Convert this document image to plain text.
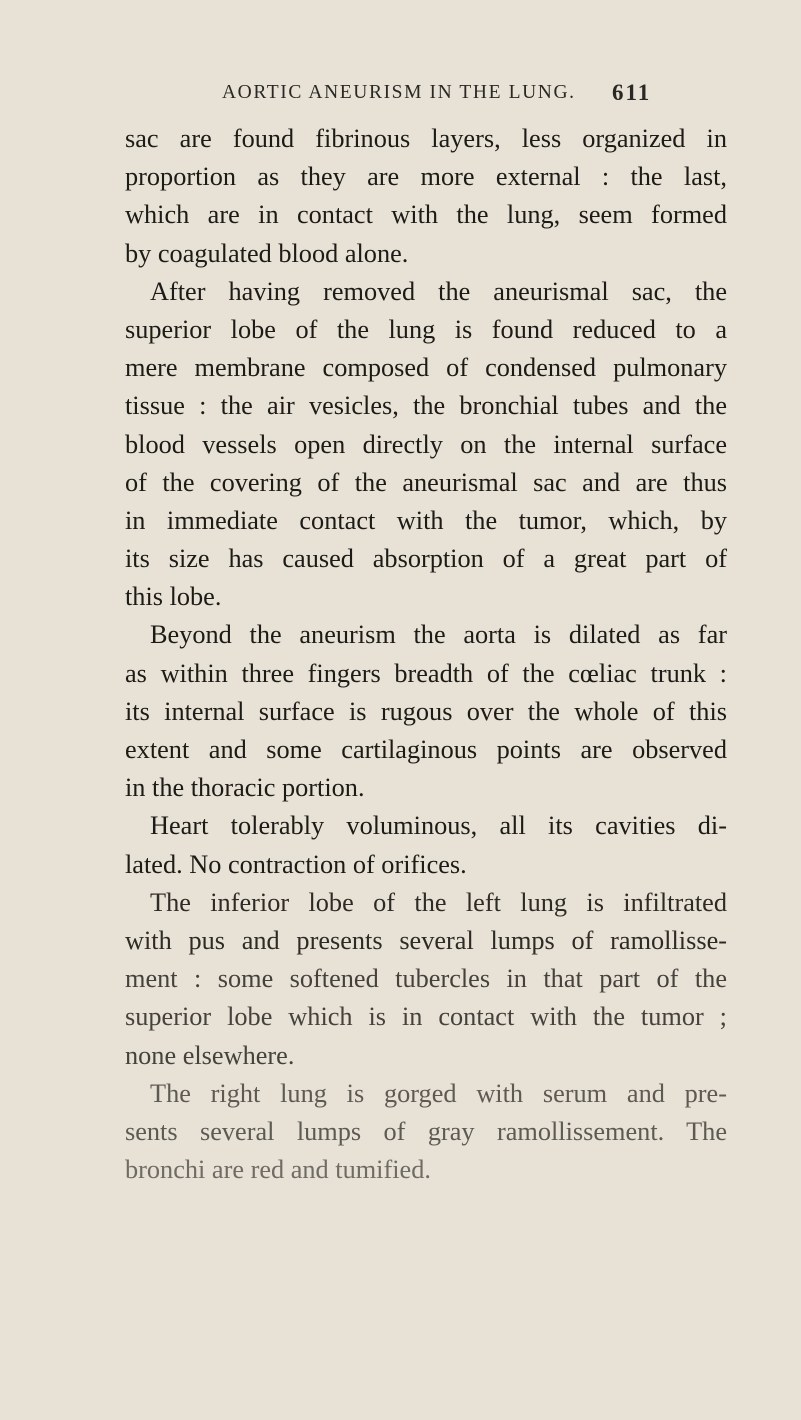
AORTIC ANEURISM IN THE LUNG. 611
sac are found fibrinous layers, less organized in
proportion as they are more external : the last,
which are in contact with the lung, seem formed
by coagulated blood alone.
After having removed the aneurismal sac, the
superior lobe of the lung is found reduced to a
mere membrane composed of condensed pulmonary
tissue : the air vesicles, the bronchial tubes and the
blood vessels open directly on the internal surface
of the covering of the aneurismal sac and are thus
in immediate contact with the tumor, which, by
its size has caused absorption of a great part of
this lobe.
Beyond the aneurism the aorta is dilated as far
as within three fingers breadth of the cœliac trunk :
its internal surface is rugous over the whole of this
extent and some cartilaginous points are observed
in the thoracic portion.
Heart tolerably voluminous, all its cavities di-
lated. No contraction of orifices.
The inferior lobe of the left lung is infiltrated
with pus and presents several lumps of ramollisse-
ment : some softened tubercles in that part of the
superior lobe which is in contact with the tumor ;
none elsewhere.
The right lung is gorged with serum and pre-
sents several lumps of gray ramollissement. The
bronchi are red and tumified.
